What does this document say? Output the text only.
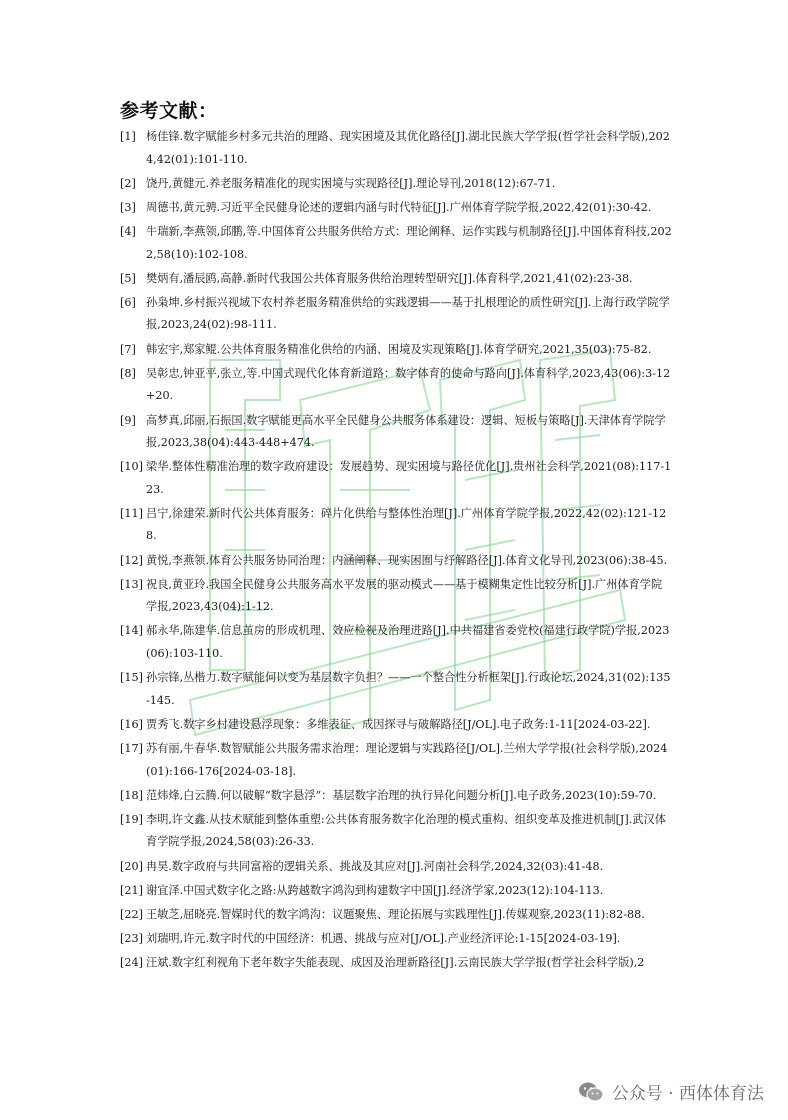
参考文献：
[1] 杨佳锋.数字赋能乡村多元共治的理路、现实困境及其优化路径[J].湖北民族大学学报(哲学社会科学版),2024,42(01):101-110.
[2] 饶丹,黄健元.养老服务精准化的现实困境与实现路径[J].理论导刊,2018(12):67-71.
[3] 周德书,黄元骋.习近平全民健身论述的逻辑内涵与时代特征[J].广州体育学院学报,2022,42(01):30-42.
[4] 牛瑞新,李燕领,邱鹏,等.中国体育公共服务供给方式：理论阐释、运作实践与机制路径[J].中国体育科技,2022,58(10):102-108.
[5] 樊炳有,潘辰鸥,高静.新时代我国公共体育服务供给治理转型研究[J].体育科学,2021,41(02):23-38.
[6] 孙枭坤.乡村振兴视域下农村养老服务精准供给的实践逻辑——基于扎根理论的质性研究[J].上海行政学院学报,2023,24(02):98-111.
[7] 韩宏宇,郑家鲲.公共体育服务精准化供给的内涵、困境及实现策略[J].体育学研究,2021,35(03):75-82.
[8] 吴彰忠,钟亚平,张立,等.中国式现代化体育新道路：数字体育的使命与路向[J].体育科学,2023,43(06):3-12+20.
[9] 高梦真,邱丽,石振国.数字赋能更高水平全民健身公共服务体系建设：逻辑、短板与策略[J].天津体育学院学报,2023,38(04):443-448+474.
[10] 梁华.整体性精准治理的数字政府建设：发展趋势、现实困境与路径优化[J].贵州社会科学,2021(08):117-123.
[11] 吕宁,徐建荣.新时代公共体育服务：碎片化供给与整体性治理[J].广州体育学院学报,2022,42(02):121-128.
[12] 黄悦,李燕领.体育公共服务协同治理：内涵阐释、现实困囿与纾解路径[J].体育文化导刊,2023(06):38-45.
[13] 祝良,黄亚玲.我国全民健身公共服务高水平发展的驱动模式——基于模糊集定性比较分析[J].广州体育学院学报,2023,43(04):1-12.
[14] 郝永华,陈建华.信息茧房的形成机理、效应检视及治理进路[J].中共福建省委党校(福建行政学院)学报,2023(06):103-110.
[15] 孙宗锋,丛楷力.数字赋能何以变为基层数字负担？——一个整合性分析框架[J].行政论坛,2024,31(02):135-145.
[16] 贾秀飞.数字乡村建设悬浮现象：多维表征、成因探寻与破解路径[J/OL].电子政务:1-11[2024-03-22].
[17] 苏有丽,牛春华.数智赋能公共服务需求治理：理论逻辑与实践路径[J/OL].兰州大学学报(社会科学版),2024(01):166-176[2024-03-18].
[18] 范炜烽,白云腾.何以破解“数字悬浮”：基层数字治理的执行异化问题分析[J].电子政务,2023(10):59-70.
[19] 李明,许文鑫.从技术赋能到整体重塑:公共体育服务数字化治理的模式重构、组织变革及推进机制[J].武汉体育学院学报,2024,58(03):26-33.
[20] 冉昊.数字政府与共同富裕的逻辑关系、挑战及其应对[J].河南社会科学,2024,32(03):41-48.
[21] 谢宜泽.中国式数字化之路:从跨越数字鸿沟到构建数字中国[J].经济学家,2023(12):104-113.
[22] 王敏芝,屈晓亮.智媒时代的数字鸿沟：议题聚焦、理论拓展与实践理性[J].传媒观察,2023(11):82-88.
[23] 刘瑞明,许元.数字时代的中国经济：机遇、挑战与应对[J/OL].产业经济评论:1-15[2024-03-19].
[24] 汪斌.数字红利视角下老年数字失能表现、成因及治理新路径[J].云南民族大学学报(哲学社会科学版),2
公众号 · 西体体育法
